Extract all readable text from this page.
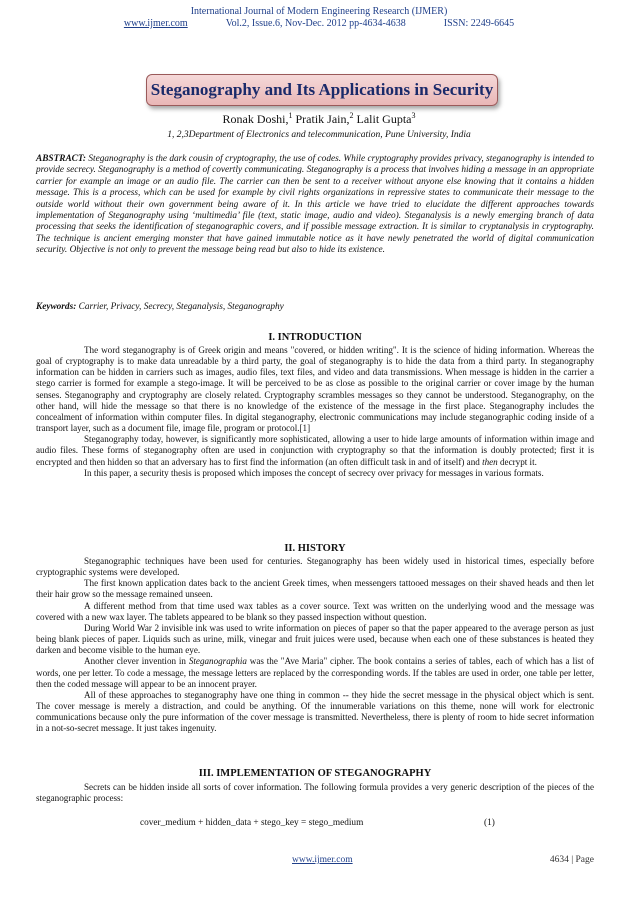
International Journal of Modern Engineering Research (IJMER)
www.ijmer.com	Vol.2, Issue.6, Nov-Dec. 2012 pp-4634-4638	ISSN: 2249-6645
Steganography and Its Applications in Security
Ronak Doshi,$^1$ Pratik Jain,$^2$ Lalit Gupta$^3$
1, 2,3Department of Electronics and telecommunication, Pune University, India
ABSTRACT: Steganography is the dark cousin of cryptography, the use of codes. While cryptography provides privacy, steganography is intended to provide secrecy. Steganography is a method of covertly communicating. Steganography is a process that involves hiding a message in an appropriate carrier for example an image or an audio file. The carrier can then be sent to a receiver without anyone else knowing that it contains a hidden message. This is a process, which can be used for example by civil rights organizations in repressive states to communicate their message to the outside world without their own government being aware of it. In this article we have tried to elucidate the different approaches towards implementation of Steganography using ‘multimedia’ file (text, static image, audio and video). Steganalysis is a newly emerging branch of data processing that seeks the identification of steganographic covers, and if possible message extraction. It is similar to cryptanalysis in cryptography. The technique is ancient emerging monster that have gained immutable notice as it have newly penetrated the world of digital communication security. Objective is not only to prevent the message being read but also to hide its existence.
Keywords: Carrier, Privacy, Secrecy, Steganalysis, Steganography
I. INTRODUCTION

The word steganography is of Greek origin and means "covered, or hidden writing". It is the science of hiding information. Whereas the goal of cryptography is to make data unreadable by a third party, the goal of steganography is to hide the data from a third party. In steganography information can be hidden in carriers such as images, audio files, text files, and video and data transmissions. When message is hidden in the carrier a stego carrier is formed for example a stego-image. It will be perceived to be as close as possible to the original carrier or cover image by the human senses. Steganography and cryptography are closely related. Cryptography scrambles messages so they cannot be understood. Steganography, on the other hand, will hide the message so that there is no knowledge of the existence of the message in the first place. Steganography includes the concealment of information within computer files. In digital steganography, electronic communications may include steganographic coding inside of a transport layer, such as a document file, image file, program or protocol.[1]

Steganography today, however, is significantly more sophisticated, allowing a user to hide large amounts of information within image and audio files. These forms of steganography often are used in conjunction with cryptography so that the information is doubly protected; first it is encrypted and then hidden so that an adversary has to first find the information (an often difficult task in and of itself) and then decrypt it.

In this paper, a security thesis is proposed which imposes the concept of secrecy over privacy for messages in various formats.

II. HISTORY

Steganographic techniques have been used for centuries. Steganography has been widely used in historical times, especially before cryptographic systems were developed.

The first known application dates back to the ancient Greek times, when messengers tattooed messages on their shaved heads and then let their hair grow so the message remained unseen.

A different method from that time used wax tables as a cover source. Text was written on the underlying wood and the message was covered with a new wax layer. The tablets appeared to be blank so they passed inspection without question.

During World War 2 invisible ink was used to write information on pieces of paper so that the paper appeared to the average person as just being blank pieces of paper. Liquids such as urine, milk, vinegar and fruit juices were used, because when each one of these substances is heated they darken and become visible to the human eye.

Another clever invention in Steganographia was the "Ave Maria" cipher. The book contains a series of tables, each of which has a list of words, one per letter. To code a message, the message letters are replaced by the corresponding words. If the tables are used in order, one table per letter, then the coded message will appear to be an innocent prayer.

All of these approaches to steganography have one thing in common -- they hide the secret message in the physical object which is sent. The cover message is merely a distraction, and could be anything. Of the innumerable variations on this theme, none will work for electronic communications because only the pure information of the cover message is transmitted. Nevertheless, there is plenty of room to hide secret information in a not-so-secret message. It just takes ingenuity.

III. IMPLEMENTATION OF STEGANOGRAPHY

Secrets can be hidden inside all sorts of cover information. The following formula provides a very generic description of the pieces of the steganographic process:

cover_medium + hidden_data + stego_key = stego_medium	(1)
www.ijmer.com	4634 | Page
